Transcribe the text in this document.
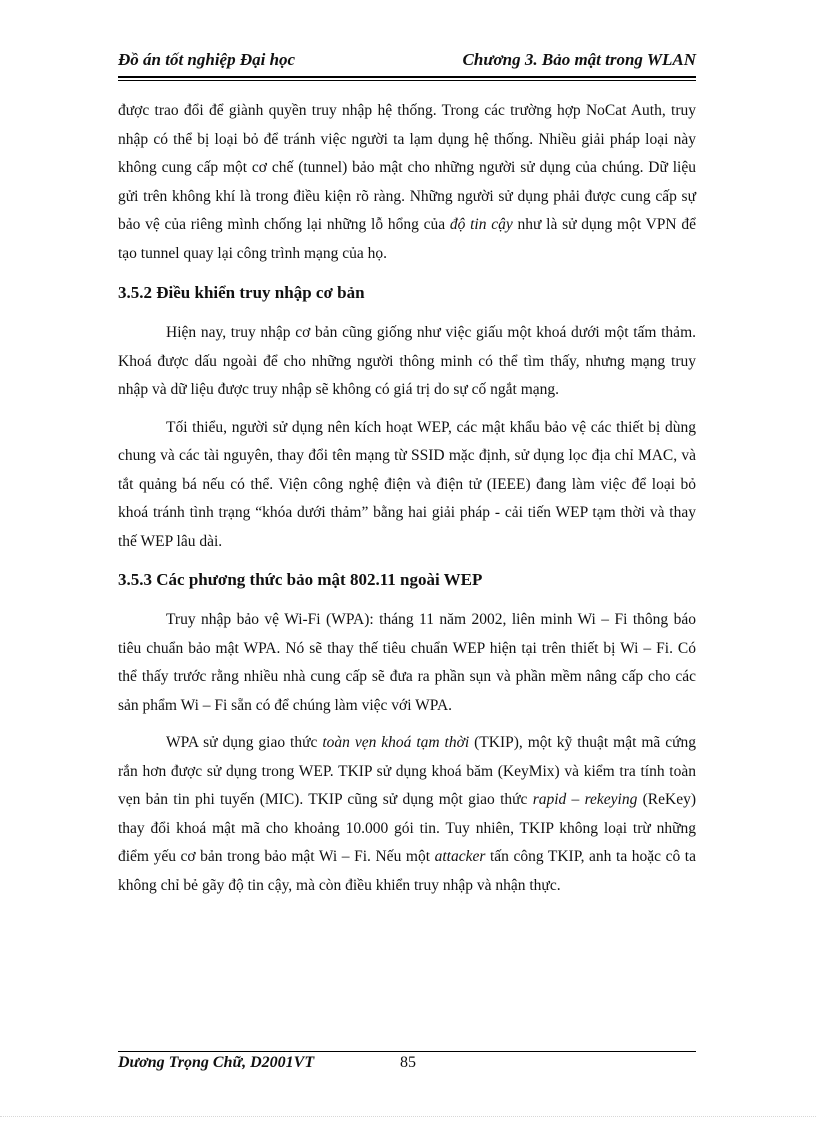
Đồ án tốt nghiệp Đại học	Chương 3. Bảo mật trong WLAN

được trao đổi để giành quyền truy nhập hệ thống. Trong các trường hợp NoCat Auth, truy nhập có thể bị loại bỏ để tránh việc người ta lạm dụng hệ thống. Nhiều giải pháp loại này không cung cấp một cơ chế (tunnel) bảo mật cho những người sử dụng của chúng. Dữ liệu gửi trên không khí là trong điều kiện rõ ràng. Những người sử dụng phải được cung cấp sự bảo vệ của riêng mình chống lại những lỗ hổng của độ tin cậy như là sử dụng một VPN để tạo tunnel quay lại công trình mạng của họ.

3.5.2 Điều khiển truy nhập cơ bản

Hiện nay, truy nhập cơ bản cũng giống như việc giấu một khoá dưới một tấm thảm. Khoá được dấu ngoài để cho những người thông minh có thể tìm thấy, nhưng mạng truy nhập và dữ liệu được truy nhập sẽ không có giá trị do sự cố ngắt mạng.

Tối thiểu, người sử dụng nên kích hoạt WEP, các mật khẩu bảo vệ các thiết bị dùng chung và các tài nguyên, thay đổi tên mạng từ SSID mặc định, sử dụng lọc địa chỉ MAC, và tắt quảng bá nếu có thể. Viện công nghệ điện và điện tử (IEEE) đang làm việc để loại bỏ khoá tránh tình trạng “khóa dưới thảm” bằng hai giải pháp - cải tiến WEP tạm thời và thay thế WEP lâu dài.

3.5.3 Các phương thức bảo mật 802.11 ngoài WEP

Truy nhập bảo vệ Wi-Fi (WPA): tháng 11 năm 2002, liên minh Wi – Fi thông báo tiêu chuẩn bảo mật WPA. Nó sẽ thay thế tiêu chuẩn WEP hiện tại trên thiết bị Wi – Fi. Có thể thấy trước rằng nhiều nhà cung cấp sẽ đưa ra phần sụn và phần mềm nâng cấp cho các sản phẩm Wi – Fi sẵn có để chúng làm việc với WPA.

WPA sử dụng giao thức toàn vẹn khoá tạm thời (TKIP), một kỹ thuật mật mã cứng rắn hơn được sử dụng trong WEP. TKIP sử dụng khoá băm (KeyMix) và kiểm tra tính toàn vẹn bản tin phi tuyến (MIC). TKIP cũng sử dụng một giao thức rapid – rekeying (ReKey) thay đổi khoá mật mã cho khoảng 10.000 gói tin. Tuy nhiên, TKIP không loại trừ những điểm yếu cơ bản trong bảo mật Wi – Fi. Nếu một attacker tấn công TKIP, anh ta hoặc cô ta không chỉ bẻ gãy độ tin cậy, mà còn điều khiển truy nhập và nhận thực.

Dương Trọng Chữ, D2001VT	85
